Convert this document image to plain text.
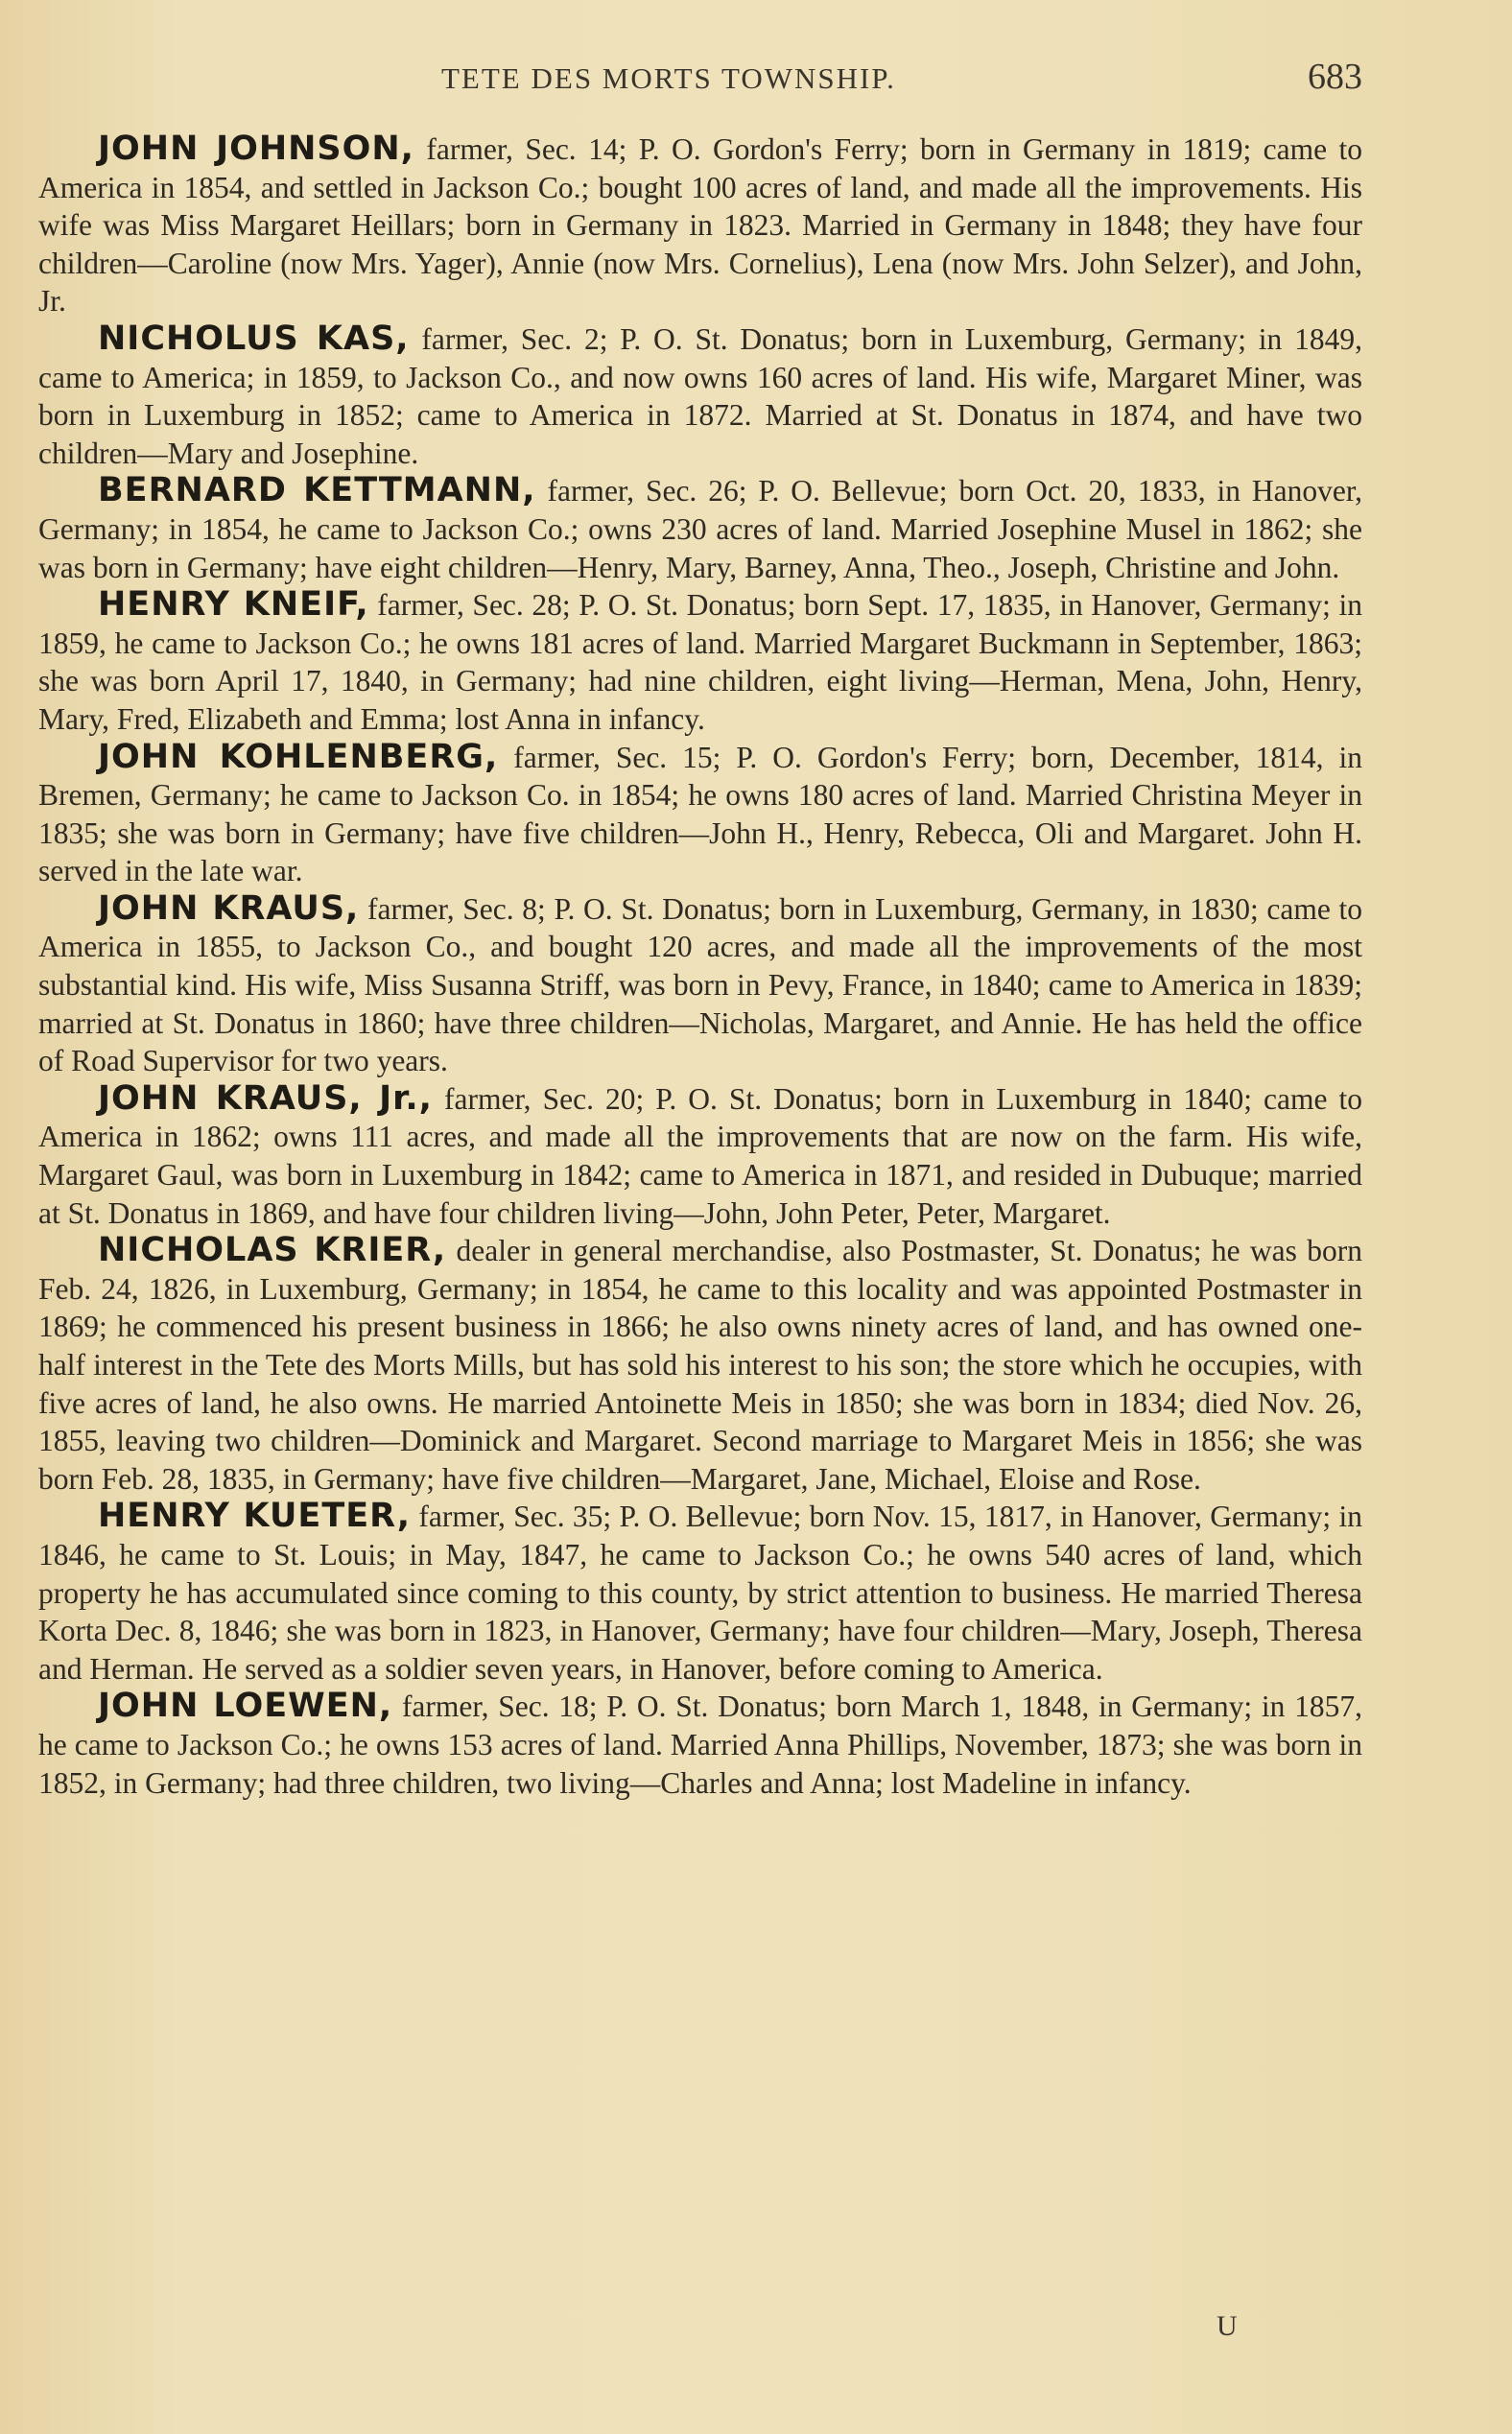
TETE DES MORTS TOWNSHIP.	683

JOHN JOHNSON, farmer, Sec. 14; P. O. Gordon's Ferry; born in Germany in 1819; came to America in 1854, and settled in Jackson Co.; bought 100 acres of land, and made all the improvements. His wife was Miss Margaret Heillars; born in Germany in 1823. Married in Germany in 1848; they have four children—Caroline (now Mrs. Yager), Annie (now Mrs. Cornelius), Lena (now Mrs. John Selzer), and John, Jr.

NICHOLUS KAS, farmer, Sec. 2; P. O. St. Donatus; born in Luxemburg, Germany; in 1849, came to America; in 1859, to Jackson Co., and now owns 160 acres of land. His wife, Margaret Miner, was born in Luxemburg in 1852; came to America in 1872. Married at St. Donatus in 1874, and have two children—Mary and Josephine.

BERNARD KETTMANN, farmer, Sec. 26; P. O. Bellevue; born Oct. 20, 1833, in Hanover, Germany; in 1854, he came to Jackson Co.; owns 230 acres of land. Married Josephine Musel in 1862; she was born in Germany; have eight children—Henry, Mary, Barney, Anna, Theo., Joseph, Christine and John.

HENRY KNEIF, farmer, Sec. 28; P. O. St. Donatus; born Sept. 17, 1835, in Hanover, Germany; in 1859, he came to Jackson Co.; he owns 181 acres of land. Married Margaret Buckmann in September, 1863; she was born April 17, 1840, in Germany; had nine children, eight living—Herman, Mena, John, Henry, Mary, Fred, Elizabeth and Emma; lost Anna in infancy.

JOHN KOHLENBERG, farmer, Sec. 15; P. O. Gordon's Ferry; born, December, 1814, in Bremen, Germany; he came to Jackson Co. in 1854; he owns 180 acres of land. Married Christina Meyer in 1835; she was born in Germany; have five children—John H., Henry, Rebecca, Oli and Margaret. John H. served in the late war.

JOHN KRAUS, farmer, Sec. 8; P. O. St. Donatus; born in Luxemburg, Germany, in 1830; came to America in 1855, to Jackson Co., and bought 120 acres, and made all the improvements of the most substantial kind. His wife, Miss Susanna Striff, was born in Pevy, France, in 1840; came to America in 1839; married at St. Donatus in 1860; have three children—Nicholas, Margaret, and Annie. He has held the office of Road Supervisor for two years.

JOHN KRAUS, Jr., farmer, Sec. 20; P. O. St. Donatus; born in Luxemburg in 1840; came to America in 1862; owns 111 acres, and made all the improvements that are now on the farm. His wife, Margaret Gaul, was born in Luxemburg in 1842; came to America in 1871, and resided in Dubuque; married at St. Donatus in 1869, and have four children living—John, John Peter, Peter, Margaret.

NICHOLAS KRIER, dealer in general merchandise, also Postmaster, St. Donatus; he was born Feb. 24, 1826, in Luxemburg, Germany; in 1854, he came to this locality and was appointed Postmaster in 1869; he commenced his present business in 1866; he also owns ninety acres of land, and has owned one-half interest in the Tete des Morts Mills, but has sold his interest to his son; the store which he occupies, with five acres of land, he also owns. He married Antoinette Meis in 1850; she was born in 1834; died Nov. 26, 1855, leaving two children—Dominick and Margaret. Second marriage to Margaret Meis in 1856; she was born Feb. 28, 1835, in Germany; have five children—Margaret, Jane, Michael, Eloise and Rose.

HENRY KUETER, farmer, Sec. 35; P. O. Bellevue; born Nov. 15, 1817, in Hanover, Germany; in 1846, he came to St. Louis; in May, 1847, he came to Jackson Co.; he owns 540 acres of land, which property he has accumulated since coming to this county, by strict attention to business. He married Theresa Korta Dec. 8, 1846; she was born in 1823, in Hanover, Germany; have four children—Mary, Joseph, Theresa and Herman. He served as a soldier seven years, in Hanover, before coming to America.

JOHN LOEWEN, farmer, Sec. 18; P. O. St. Donatus; born March 1, 1848, in Germany; in 1857, he came to Jackson Co.; he owns 153 acres of land. Married Anna Phillips, November, 1873; she was born in 1852, in Germany; had three children, two living—Charles and Anna; lost Madeline in infancy.

U
